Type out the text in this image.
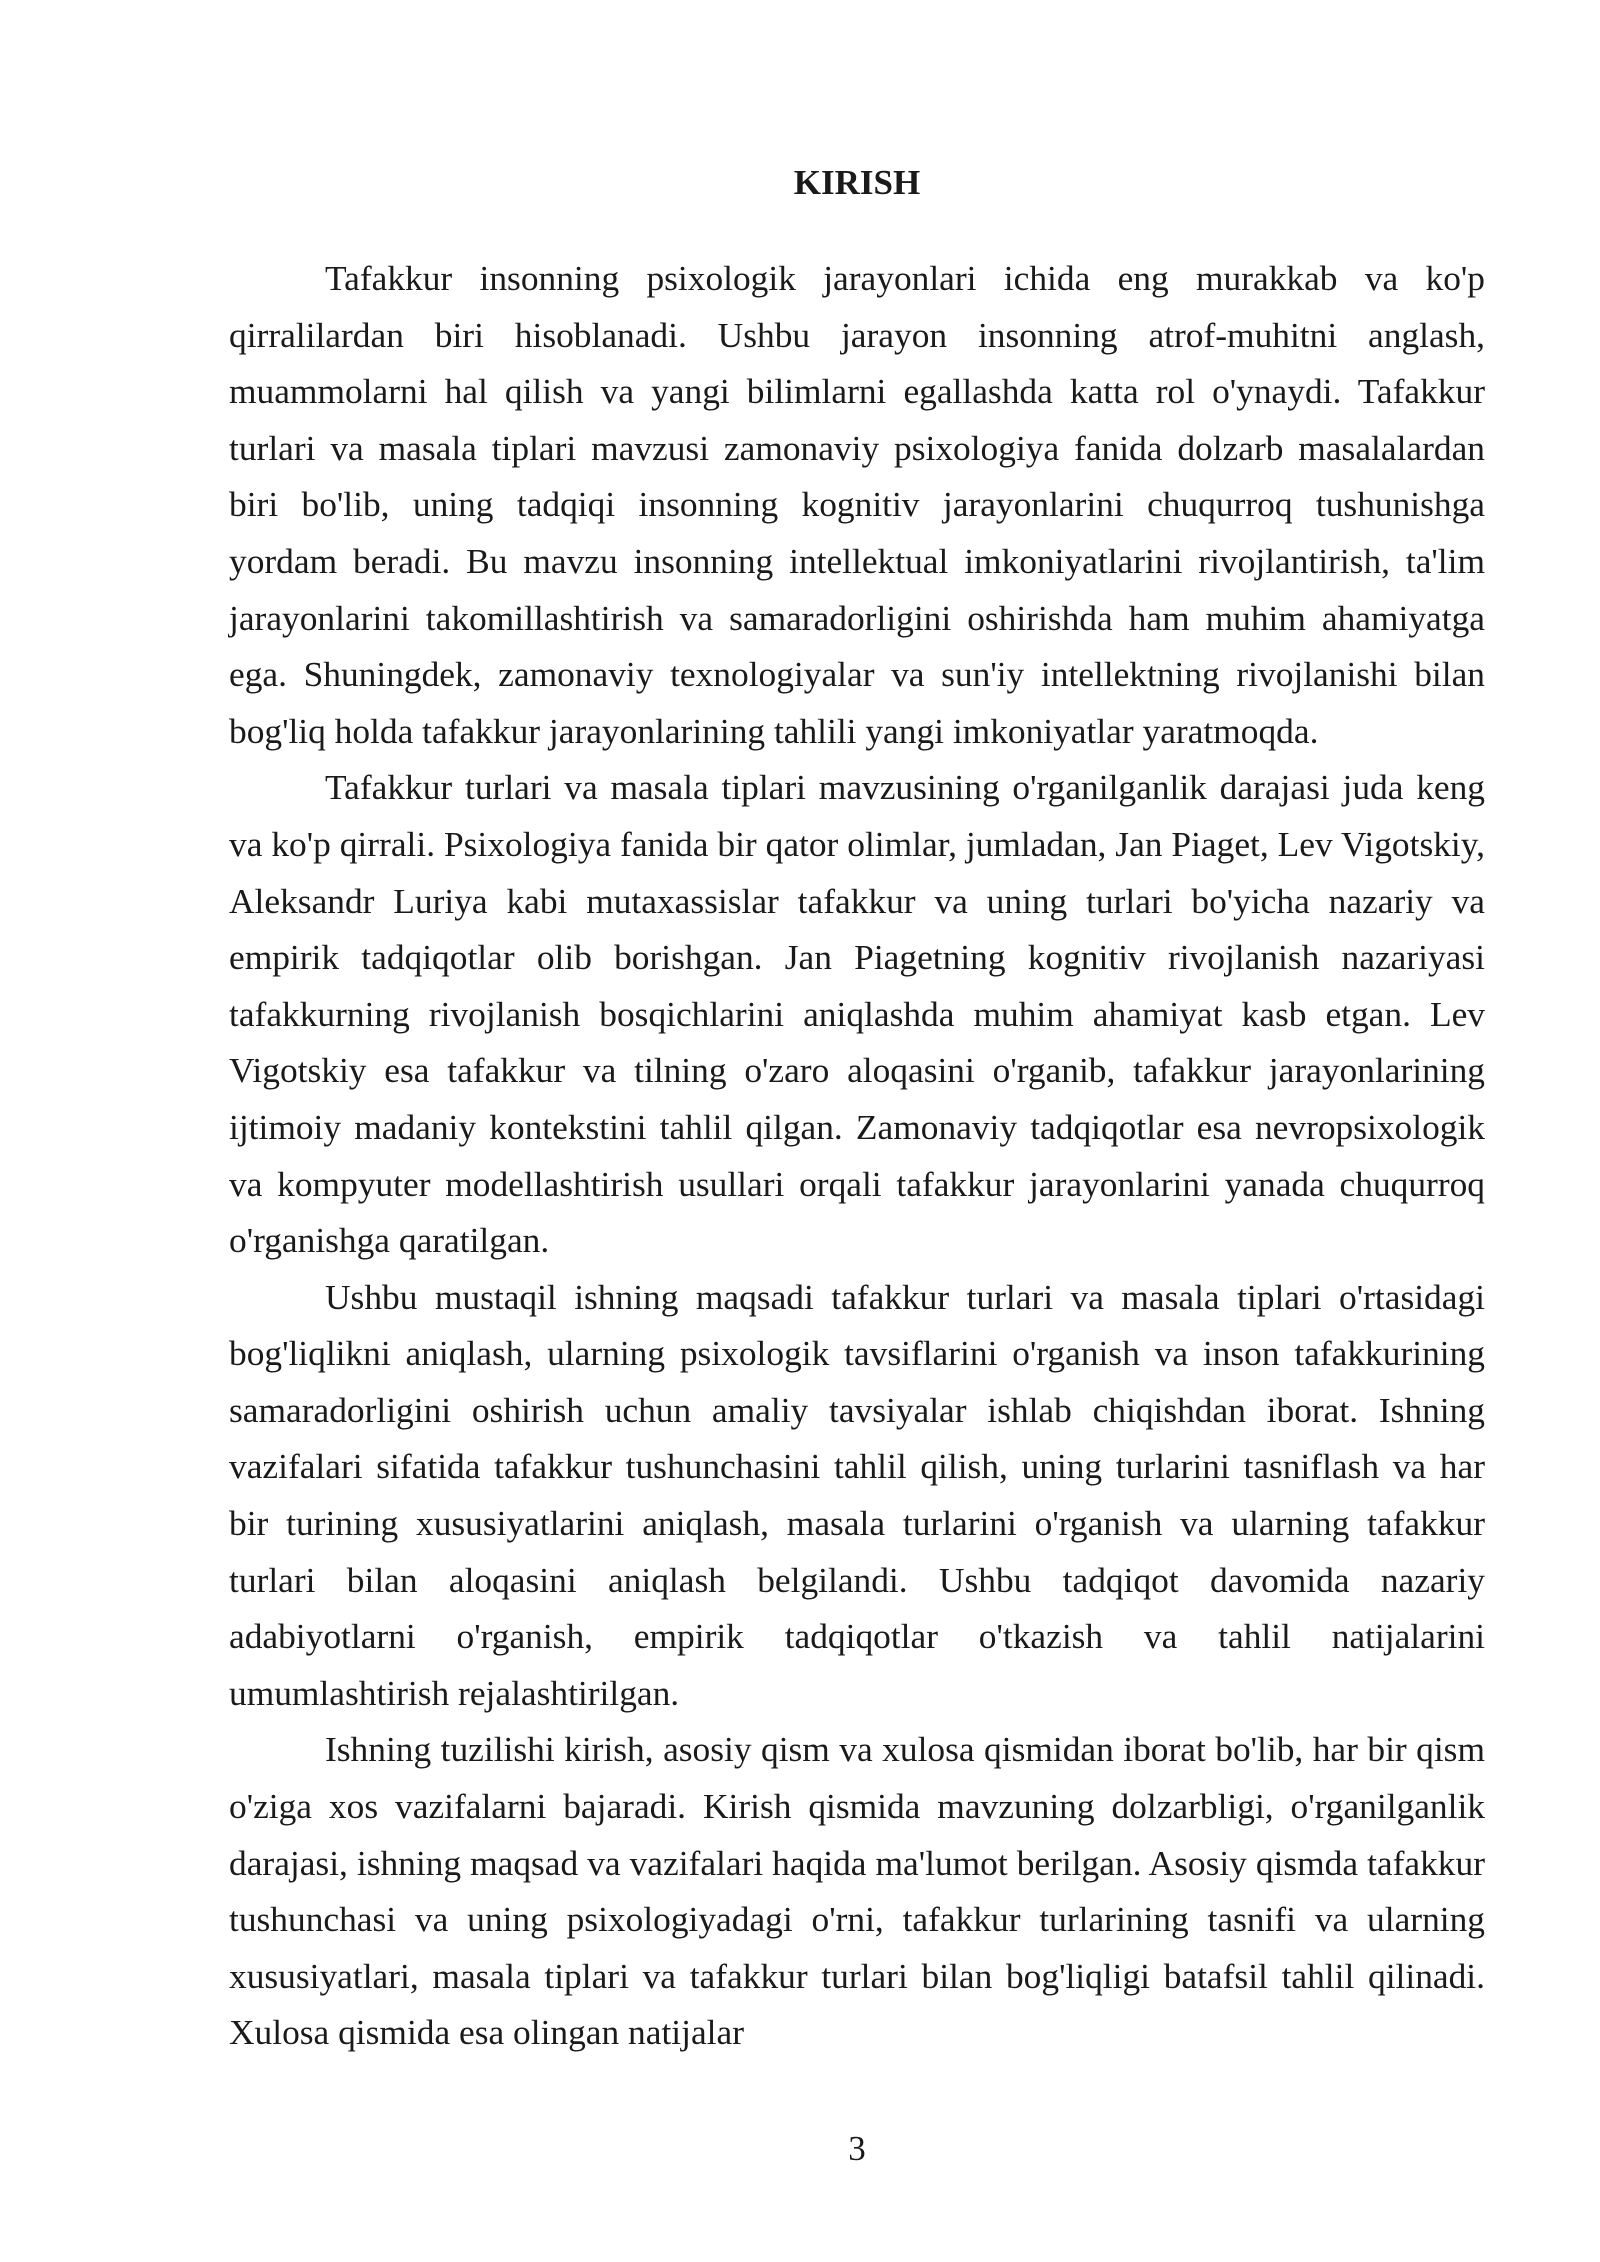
KIRISH

Tafakkur insonning psixologik jarayonlari ichida eng murakkab va ko'p qirralilardan biri hisoblanadi. Ushbu jarayon insonning atrof-muhitni anglash, muammolarni hal qilish va yangi bilimlarni egallashda katta rol o'ynaydi. Tafakkur turlari va masala tiplari mavzusi zamonaviy psixologiya fanida dolzarb masalalardan biri bo'lib, uning tadqiqi insonning kognitiv jarayonlarini chuqurroq tushunishga yordam beradi. Bu mavzu insonning intellektual imkoniyatlarini rivojlantirish, ta'lim jarayonlarini takomillashtirish va samaradorligini oshirishda ham muhim ahamiyatga ega. Shuningdek, zamonaviy texnologiyalar va sun'iy intellektning rivojlanishi bilan bog'liq holda tafakkur jarayonlarining tahlili yangi imkoniyatlar yaratmoqda.

Tafakkur turlari va masala tiplari mavzusining o'rganilganlik darajasi juda keng va ko'p qirrali. Psixologiya fanida bir qator olimlar, jumladan, Jan Piaget, Lev Vigotskiy, Aleksandr Luriya kabi mutaxassislar tafakkur va uning turlari bo'yicha nazariy va empirik tadqiqotlar olib borishgan. Jan Piagetning kognitiv rivojlanish nazariyasi tafakkurning rivojlanish bosqichlarini aniqlashda muhim ahamiyat kasb etgan. Lev Vigotskiy esa tafakkur va tilning o'zaro aloqasini o'rganib, tafakkur jarayonlarining ijtimoiy madaniy kontekstini tahlil qilgan. Zamonaviy tadqiqotlar esa nevropsixologik va kompyuter modellashtirish usullari orqali tafakkur jarayonlarini yanada chuqurroq o'rganishga qaratilgan.

Ushbu mustaqil ishning maqsadi tafakkur turlari va masala tiplari o'rtasidagi bog'liqlikni aniqlash, ularning psixologik tavsiflarini o'rganish va inson tafakkurining samaradorligini oshirish uchun amaliy tavsiyalar ishlab chiqishdan iborat. Ishning vazifalari sifatida tafakkur tushunchasini tahlil qilish, uning turlarini tasniflash va har bir turining xususiyatlarini aniqlash, masala turlarini o'rganish va ularning tafakkur turlari bilan aloqasini aniqlash belgilandi. Ushbu tadqiqot davomida nazariy adabiyotlarni o'rganish, empirik tadqiqotlar o'tkazish va tahlil natijalarini umumlashtirish rejalashtirilgan.

Ishning tuzilishi kirish, asosiy qism va xulosa qismidan iborat bo'lib, har bir qism o'ziga xos vazifalarni bajaradi. Kirish qismida mavzuning dolzarbligi, o'rganilganlik darajasi, ishning maqsad va vazifalari haqida ma'lumot berilgan. Asosiy qismda tafakkur tushunchasi va uning psixologiyadagi o'rni, tafakkur turlarining tasnifi va ularning xususiyatlari, masala tiplari va tafakkur turlari bilan bog'liqligi batafsil tahlil qilinadi. Xulosa qismida esa olingan natijalar

3
